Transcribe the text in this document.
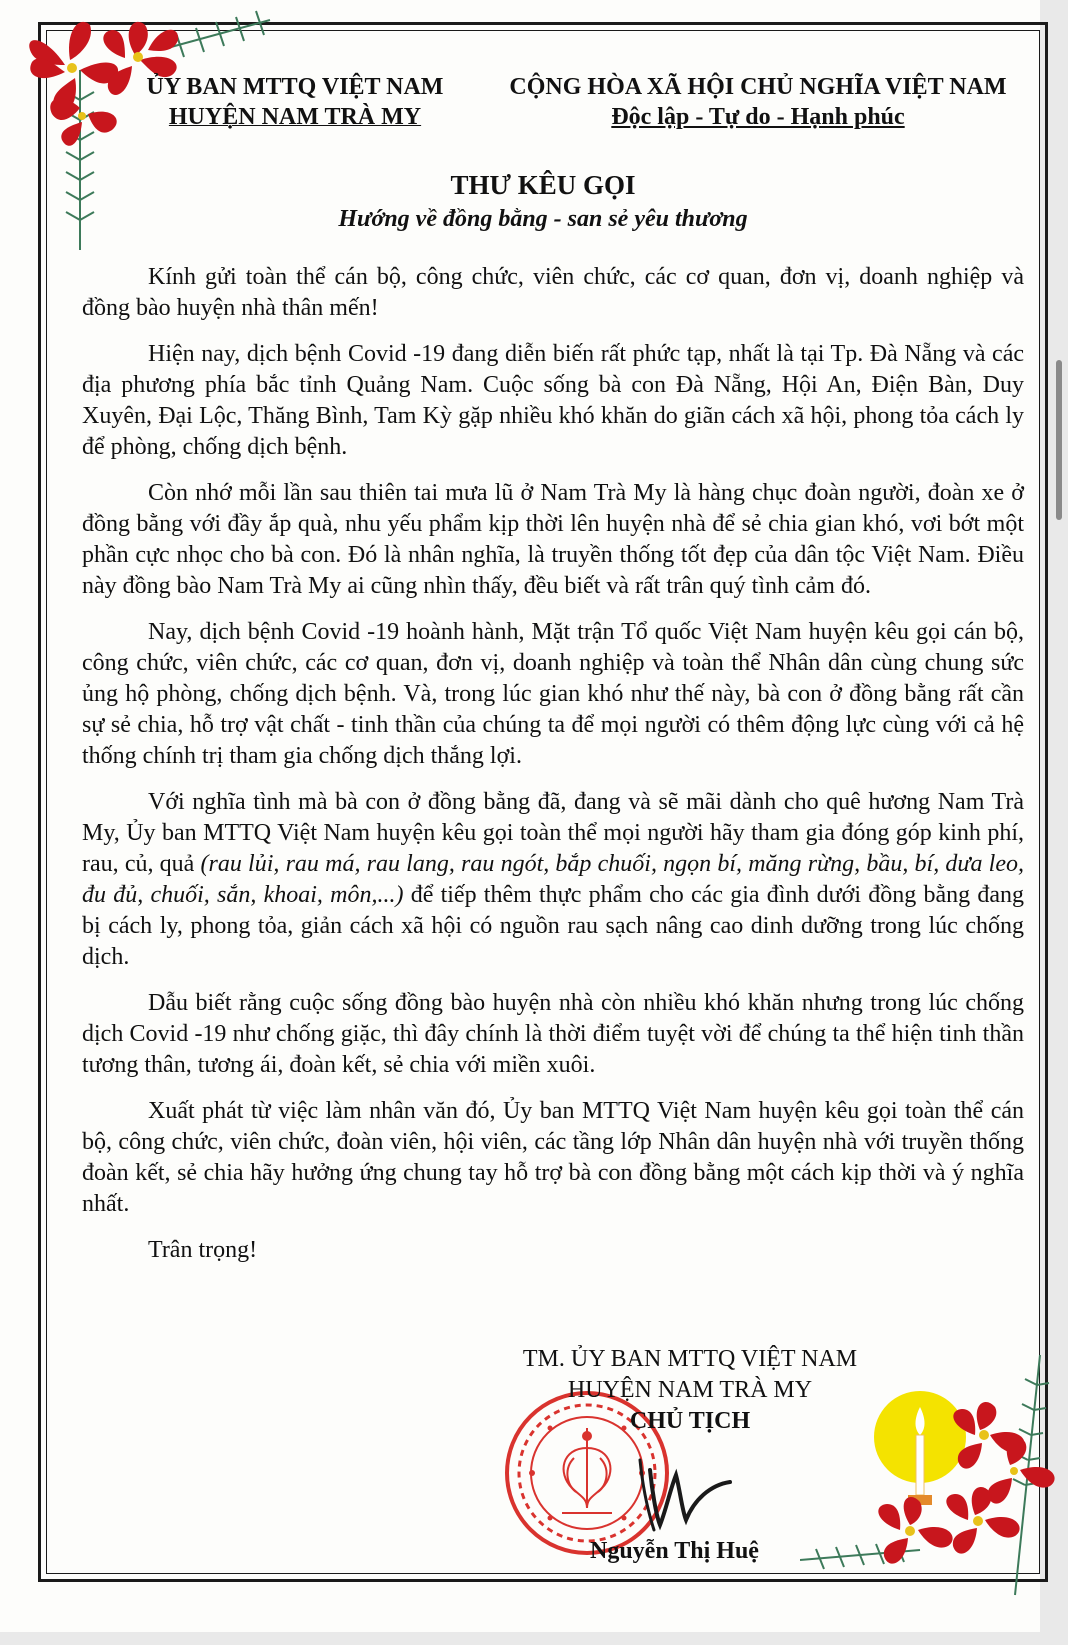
ỦY BAN MTTQ VIỆT NAM
HUYỆN NAM TRÀ MY
CỘNG HÒA XÃ HỘI CHỦ NGHĨA VIỆT NAM
Độc lập - Tự do - Hạnh phúc
THƯ KÊU GỌI
Hướng về đồng bằng - san sẻ yêu thương

Kính gửi toàn thể cán bộ, công chức, viên chức, các cơ quan, đơn vị, doanh nghiệp và đồng bào huyện nhà thân mến!

Hiện nay, dịch bệnh Covid -19 đang diễn biến rất phức tạp, nhất là tại Tp. Đà Nẵng và các địa phương phía bắc tỉnh Quảng Nam. Cuộc sống bà con Đà Nẵng, Hội An, Điện Bàn, Duy Xuyên, Đại Lộc, Thăng Bình, Tam Kỳ gặp nhiều khó khăn do giãn cách xã hội, phong tỏa cách ly để phòng, chống dịch bệnh.

Còn nhớ mỗi lần sau thiên tai mưa lũ ở Nam Trà My là hàng chục đoàn người, đoàn xe ở đồng bằng với đầy ắp quà, nhu yếu phẩm kịp thời lên huyện nhà để sẻ chia gian khó, vơi bớt một phần cực nhọc cho bà con. Đó là nhân nghĩa, là truyền thống tốt đẹp của dân tộc Việt Nam. Điều này đồng bào Nam Trà My ai cũng nhìn thấy, đều biết và rất trân quý tình cảm đó.

Nay, dịch bệnh Covid -19 hoành hành, Mặt trận Tổ quốc Việt Nam huyện kêu gọi cán bộ, công chức, viên chức, các cơ quan, đơn vị, doanh nghiệp và toàn thể Nhân dân cùng chung sức ủng hộ phòng, chống dịch bệnh. Và, trong lúc gian khó như thế này, bà con ở đồng bằng rất cần sự sẻ chia, hỗ trợ vật chất - tinh thần của chúng ta để mọi người có thêm động lực cùng với cả hệ thống chính trị tham gia chống dịch thắng lợi.

Với nghĩa tình mà bà con ở đồng bằng đã, đang và sẽ mãi dành cho quê hương Nam Trà My, Ủy ban MTTQ Việt Nam huyện kêu gọi toàn thể mọi người hãy tham gia đóng góp kinh phí, rau, củ, quả (rau lủi, rau má, rau lang, rau ngót, bắp chuối, ngọn bí, măng rừng, bầu, bí, dưa leo, đu đủ, chuối, sắn, khoai, môn,...) để tiếp thêm thực phẩm cho các gia đình dưới đồng bằng đang bị cách ly, phong tỏa, giản cách xã hội có nguồn rau sạch nâng cao dinh dưỡng trong lúc chống dịch.

Dẫu biết rằng cuộc sống đồng bào huyện nhà còn nhiều khó khăn nhưng trong lúc chống dịch Covid -19 như chống giặc, thì đây chính là thời điểm tuyệt vời để chúng ta thể hiện tinh thần tương thân, tương ái, đoàn kết, sẻ chia với miền xuôi.

Xuất phát từ việc làm nhân văn đó, Ủy ban MTTQ Việt Nam huyện kêu gọi toàn thể cán bộ, công chức, viên chức, đoàn viên, hội viên, các tầng lớp Nhân dân huyện nhà với truyền thống đoàn kết, sẻ chia hãy hưởng ứng chung tay hỗ trợ bà con đồng bằng một cách kịp thời và ý nghĩa nhất.

Trân trọng!

TM. ỦY BAN MTTQ VIỆT NAM
HUYỆN NAM TRÀ MY
CHỦ TỊCH
Nguyễn Thị Huệ
